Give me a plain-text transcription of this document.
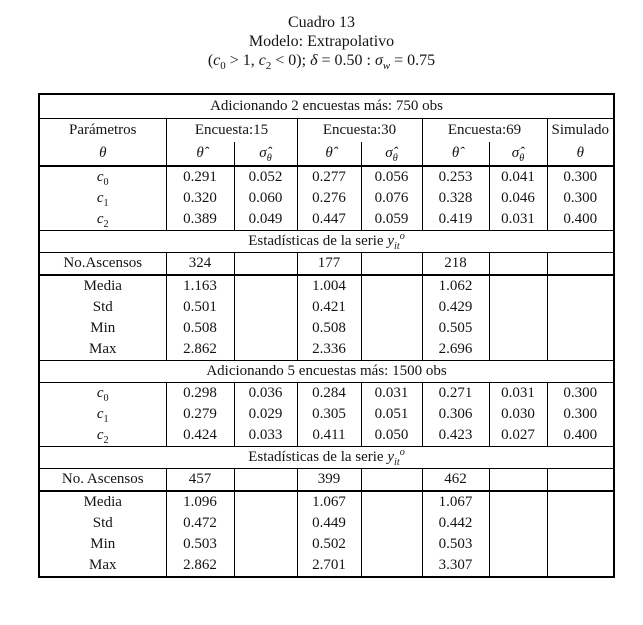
Cuadro 13
Modelo: Extrapolativo
($c_0 > 1$, $c_2 < 0$); δ = 0.50 : $\sigma_w = 0.75$
Adicionando 2 encuestas más: 750 obs							
Parámetros	Encuesta:15		Encuesta:30		Encuesta:69		Simulado
θ	θ̂	$\sigmâ_\theta$	θ̂	$\sigmâ_\theta$	θ̂	$\sigmâ_\theta$	θ
$c_0$	0.291	0.052	0.277	0.056	0.253	0.041	0.300
$c_1$	0.320	0.060	0.276	0.076	0.328	0.046	0.300
$c_2$	0.389	0.049	0.447	0.059	0.419	0.031	0.400
Estadísticas de la serie $y_{it}^o$
No.Ascensos	324		177		218		
Media	1.163		1.004		1.062		
Std	0.501		0.421		0.429		
Min	0.508		0.508		0.505		
Max	2.862		2.336		2.696		
Adicionando 5 encuestas más: 1500 obs							
$c_0$	0.298	0.036	0.284	0.031	0.271	0.031	0.300
$c_1$	0.279	0.029	0.305	0.051	0.306	0.030	0.300
$c_2$	0.424	0.033	0.411	0.050	0.423	0.027	0.400
Estadísticas de la serie $y_{it}^o$
No. Ascensos	457		399		462		
Media	1.096		1.067		1.067		
Std	0.472		0.449		0.442		
Min	0.503		0.502		0.503		
Max	2.862		2.701		3.307		
